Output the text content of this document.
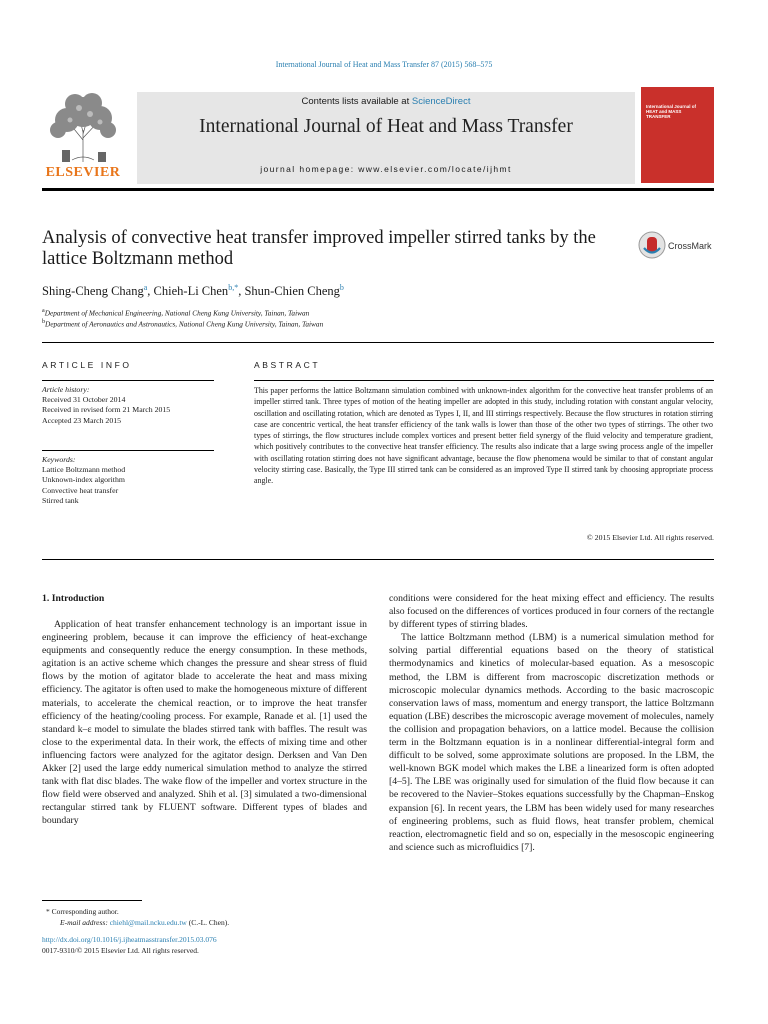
International Journal of Heat and Mass Transfer 87 (2015) 568–575
ELSEVIER
Contents lists available at ScienceDirect
International Journal of Heat and Mass Transfer
journal homepage: www.elsevier.com/locate/ijhmt
International Journal of HEAT and MASS TRANSFER
Analysis of convective heat transfer improved impeller stirred tanks by the lattice Boltzmann method
CrossMark
Shing-Cheng Chang$^a$, Chieh-Li Chen$^{b,*}$, Shun-Chien Cheng$^b$
$^a$Department of Mechanical Engineering, National Cheng Kung University, Tainan, Taiwan
$^b$Department of Aeronautics and Astronautics, National Cheng Kung University, Tainan, Taiwan
ARTICLE INFO
Article history:
Received 31 October 2014
Received in revised form 21 March 2015
Accepted 23 March 2015
Keywords:
Lattice Boltzmann method
Unknown-index algorithm
Convective heat transfer
Stirred tank
ABSTRACT
This paper performs the lattice Boltzmann simulation combined with unknown-index algorithm for the convective heat transfer problems of an impeller stirred tank. Three types of motion of the heating impeller are adopted in this study, including rotation with constant angular velocity, oscillation and oscillating rotation, which are denoted as Types I, II, and III stirrings respectively. Because the flow structures in rotation stirring case are concentric vertical, the heat transfer efficiency of the tank walls is lower than those of the other two types of stirrings. The other two types of stirrings, the flow structures include complex vortices and present better field synergy of the fluid velocity and temperature gradient, which positively contributes to the convective heat transfer efficiency. The results also indicate that a large swing process angle of the impeller with oscillating rotation stirring does not have significant advantage, because the flow phenomena would be similar to that of constant angular velocity stirring case. Basically, the Type III stirred tank can be considered as an improved Type II stirred tank by choosing appropriate process angle.
© 2015 Elsevier Ltd. All rights reserved.
1. Introduction
Application of heat transfer enhancement technology is an important issue in engineering problem, because it can improve the efficiency of heat-exchange equipments and consequently reduce the energy consumption. In these methods, agitation is an active scheme which changes the pressure and shear stress of fluid flows by the motion of agitator blade to accelerate the heat and mass mixing efficiency. The agitator is often used to make the homogeneous mixture of different materials, to accelerate the chemical reaction, or to improve the heat transfer efficiency of the heating/cooling process. For example, Ranade et al. [1] used the standard k–ε model to simulate the blades stirred tank with baffles. The result was close to the experimental data. In their work, the effects of mixing time and other influencing factors were analyzed for the agitator design. Derksen and Van Den Akker [2] used the large eddy numerical simulation method to analyze the stirred tank with flat disc blades. The wake flow of the impeller and vortex structure in the flow field were observed and analyzed. Shih et al. [3] simulated a two-dimensional rectangular stirred tank by FLUENT software. Different types of blades and boundary

conditions were considered for the heat mixing effect and efficiency. The results also focused on the differences of vortices produced in four corners of the rectangle by different types of stirring blades.

The lattice Boltzmann method (LBM) is a numerical simulation method for solving partial differential equations based on the theory of statistical thermodynamics and kinetics of molecular-based equation. As a mesoscopic method, the LBM is different from macroscopic discretization methods or microscopic molecular dynamics methods. According to the basic macroscopic conservation laws of mass, momentum and energy transport, the lattice Boltzmann equation (LBE) describes the microscopic average movement of molecules, namely the collision and propagation behaviors, on a lattice model. Because the collision term in the Boltzmann equation is in a nonlinear differential-integral form and difficult to be solved, some approximate solutions are proposed. In the LBM, the well-known BGK model which makes the LBE a linearized form is often adopted [4–5]. The LBE was originally used for simulation of the fluid flow because it can be recovered to the Navier–Stokes equations successfully by the Chapman–Enskog expansion [6]. In recent years, the LBM has been widely used for many researches of engineering problems, such as fluid flows, heat transfer problem, chemical reaction, electromagnetic field and so on, especially in the mesoscopic engineering and science such as microfluidics [7].

* Corresponding author.
E-mail address: chiehl@mail.ncku.edu.tw (C.-L. Chen).
http://dx.doi.org/10.1016/j.ijheatmasstransfer.2015.03.076
0017-9310/© 2015 Elsevier Ltd. All rights reserved.
